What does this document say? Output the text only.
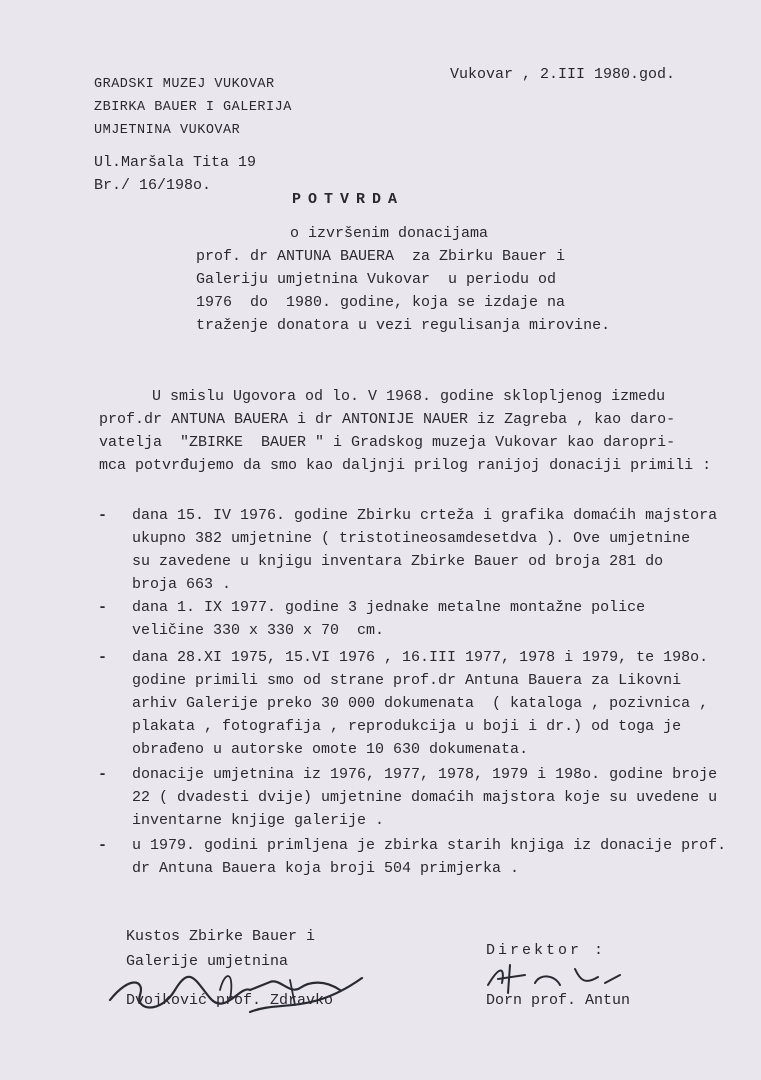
GRADSKI MUZEJ VUKOVAR
ZBIRKA BAUER I GALERIJA
UMJETNINA VUKOVAR
Vukovar , 2.III 1980.god.
Ul.Maršala Tita 19
Br./ 16/198o.
POTVRDA
o izvršenim donacijama
prof. dr ANTUNA BAUERA  za Zbirku Bauer i
Galeriju umjetnina Vukovar  u periodu od
1976  do  1980. godine, koja se izdaje na
traženje donatora u vezi regulisanja mirovine.
U smislu Ugovora od lo. V 1968. godine sklopljenog izmedu
prof.dr ANTUNA BAUERA i dr ANTONIJE NAUER iz Zagreba , kao daro-
vatelja  "ZBIRKE  BAUER " i Gradskog muzeja Vukovar kao daropri-
mca potvrđujemo da smo kao daljnji prilog ranijoj donaciji primili :
- dana 15. IV 1976. godine Zbirku crteža i grafika domaćih majstora
ukupno 382 umjetnine ( tristotineosamdesetdva ). Ove umjetnine
su zavedene u knjigu inventara Zbirke Bauer od broja 281 do
broja 663 .
- dana 1. IX 1977. godine 3 jednake metalne montažne police
veličine 330 x 330 x 70  cm.
- dana 28.XI 1975, 15.VI 1976 , 16.III 1977, 1978 i 1979, te 198o.
godine primili smo od strane prof.dr Antuna Bauera za Likovni
arhiv Galerije preko 30 000 dokumenata  ( kataloga , pozivnica ,
plakata , fotografija , reprodukcija u boji i dr.) od toga je
obrađeno u autorske omote 10 630 dokumenata.
- donacije umjetnina iz 1976, 1977, 1978, 1979 i 198o. godine broje
22 ( dvadesti dvije) umjetnine domaćih majstora koje su uvedene u
inventarne knjige galerije .
- u 1979. godini primljena je zbirka starih knjiga iz donacije prof.
dr Antuna Bauera koja broji 504 primjerka .
Kustos Zbirke Bauer i
Galerije umjetnina
Dvojković prof. Zdravko
Direktor :
Dorn prof. Antun
